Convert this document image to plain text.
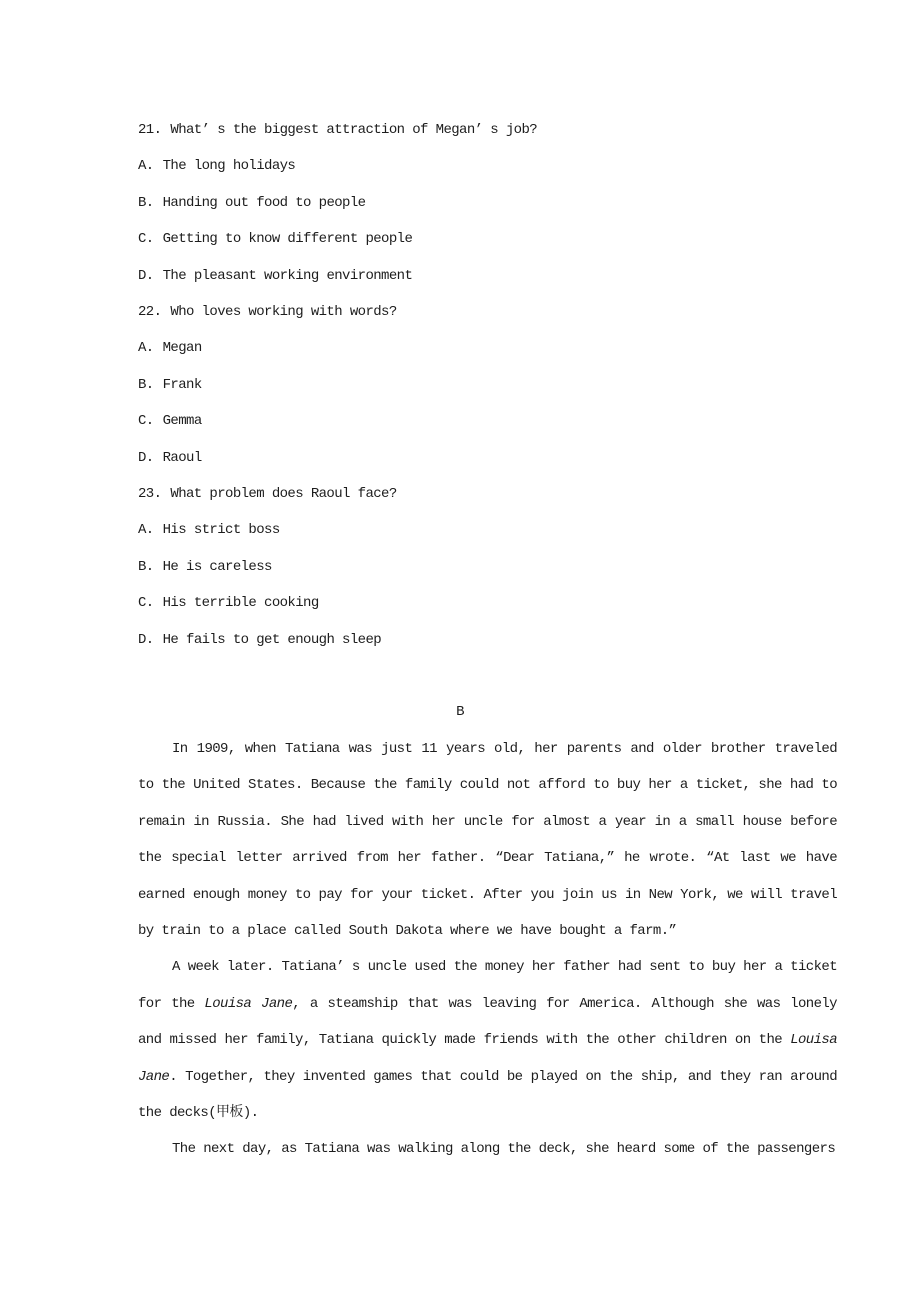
21. What’ s the biggest attraction of Megan’ s job?
A. The long holidays
B. Handing out food to people
C. Getting to know different people
D. The pleasant working environment
22. Who loves working with words?
A. Megan
B. Frank
C. Gemma
D. Raoul
23. What problem does Raoul face?
A. His strict boss
B. He is careless
C. His terrible cooking
D. He fails to get enough sleep
B

In 1909, when Tatiana was just 11 years old, her parents and older brother traveled to the United States. Because the family could not afford to buy her a ticket, she had to remain in Russia. She had lived with her uncle for almost a year in a small house before the special letter arrived from her father. “Dear Tatiana,” he wrote. “At last we have earned enough money to pay for your ticket. After you join us in New York, we will travel by train to a place called South Dakota where we have bought a farm.”

A week later. Tatiana’ s uncle used the money her father had sent to buy her a ticket for the Louisa Jane, a steamship that was leaving for America. Although she was lonely and missed her family, Tatiana quickly made friends with the other children on the Louisa Jane. Together, they invented games that could be played on the ship, and they ran around the decks(甲板).

The next day, as Tatiana was walking along the deck, she heard some of the passengers
